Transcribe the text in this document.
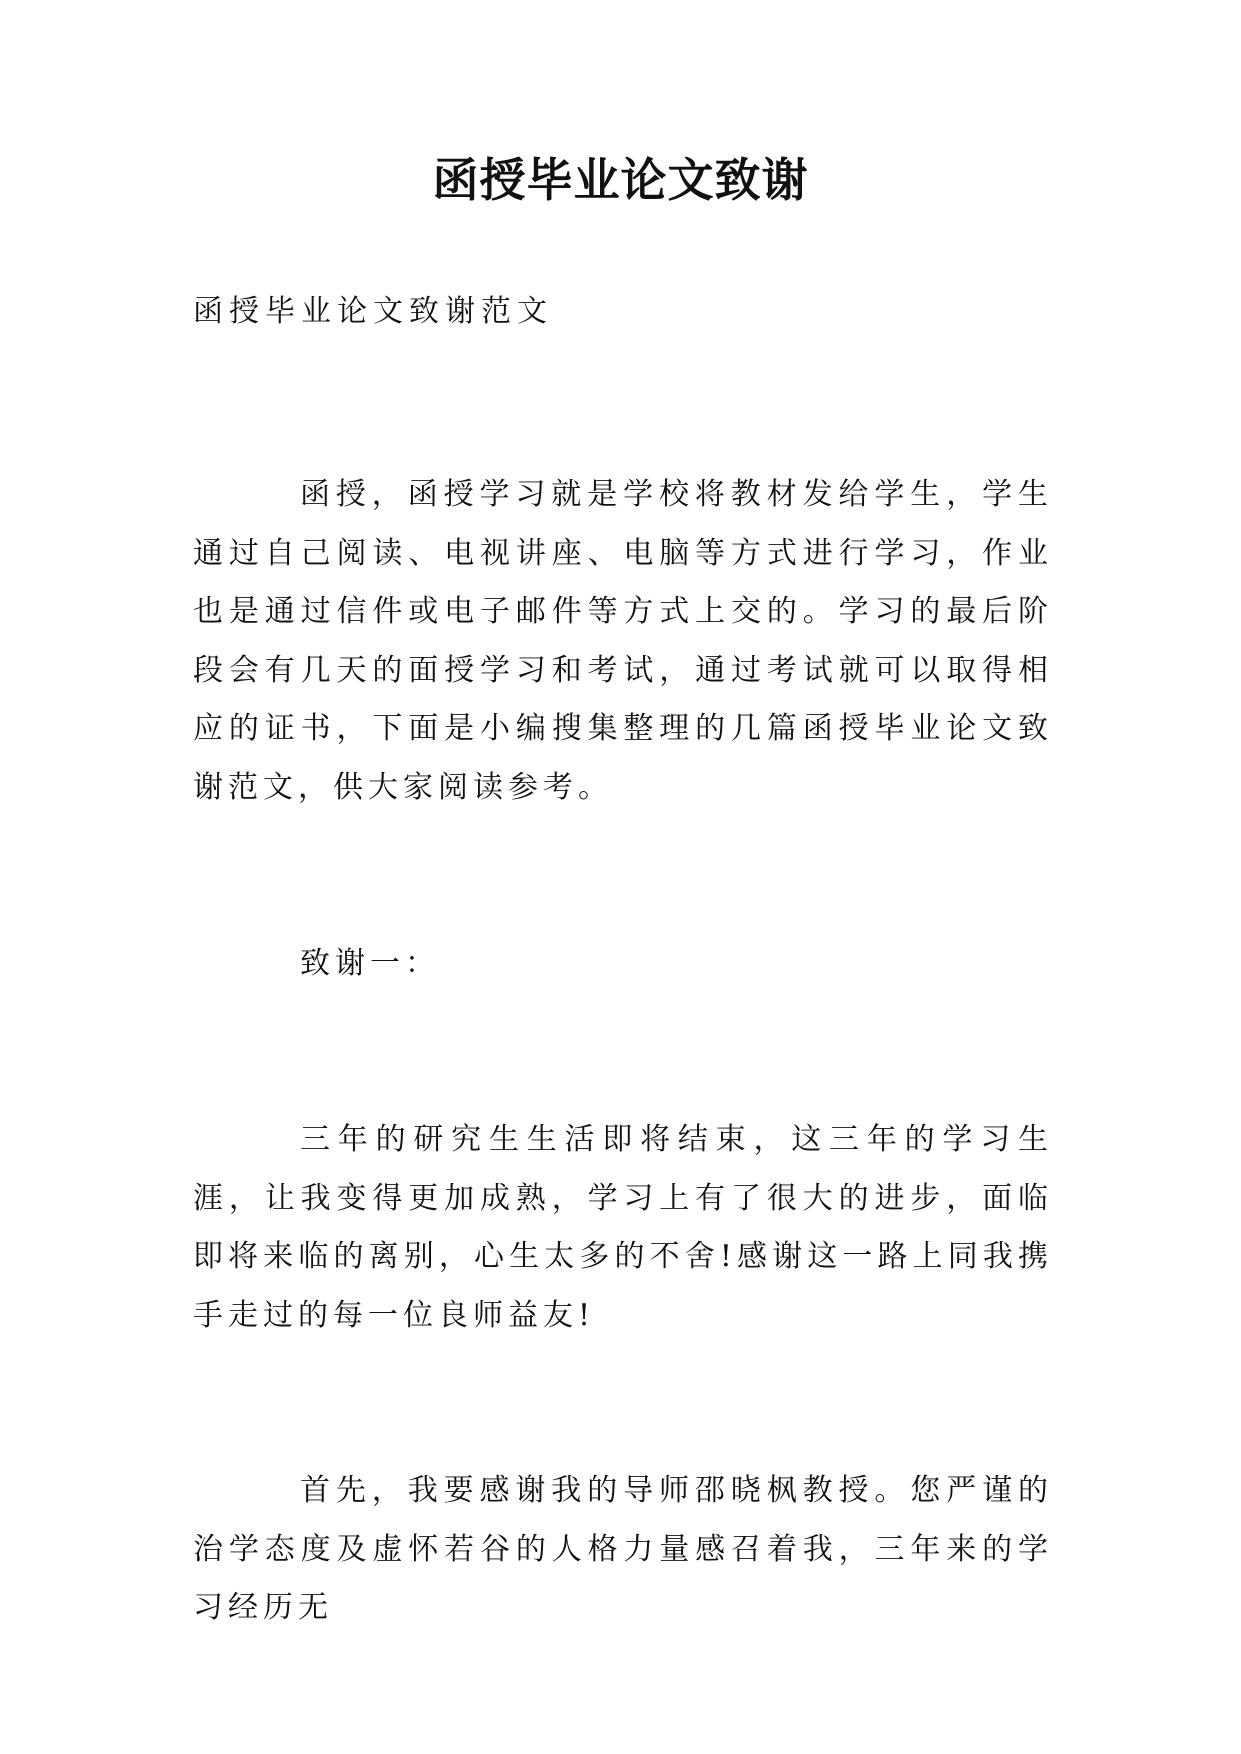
函授毕业论文致谢

函授毕业论文致谢范文

函授，函授学习就是学校将教材发给学生，学生通过自己阅读、电视讲座、电脑等方式进行学习，作业也是通过信件或电子邮件等方式上交的。学习的最后阶段会有几天的面授学习和考试，通过考试就可以取得相应的证书，下面是小编搜集整理的几篇函授毕业论文致谢范文，供大家阅读参考。

致谢一：

三年的研究生生活即将结束，这三年的学习生涯，让我变得更加成熟，学习上有了很大的进步，面临即将来临的离别，心生太多的不舍!感谢这一路上同我携手走过的每一位良师益友!

首先，我要感谢我的导师邵晓枫教授。您严谨的治学态度及虚怀若谷的人格力量感召着我，三年来的学习经历无
